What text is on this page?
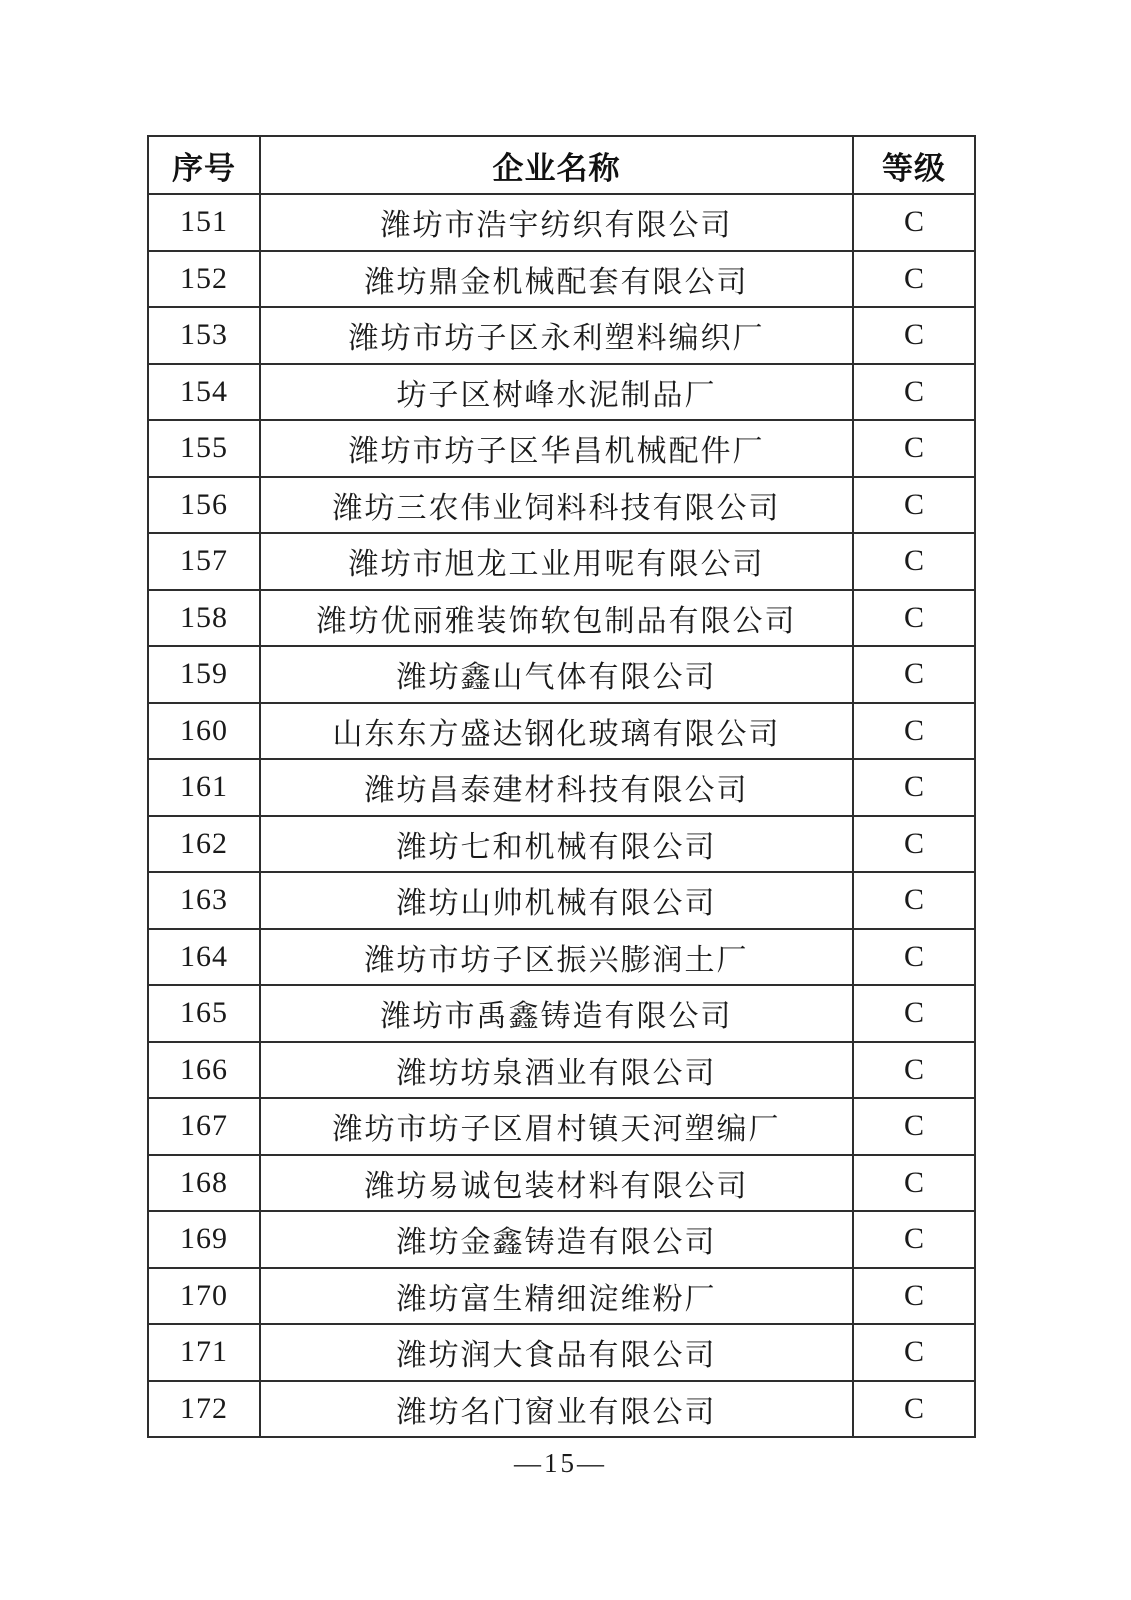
序号	企业名称	等级
151	潍坊市浩宇纺织有限公司	C
152	潍坊鼎金机械配套有限公司	C
153	潍坊市坊子区永利塑料编织厂	C
154	坊子区树峰水泥制品厂	C
155	潍坊市坊子区华昌机械配件厂	C
156	潍坊三农伟业饲料科技有限公司	C
157	潍坊市旭龙工业用呢有限公司	C
158	潍坊优丽雅装饰软包制品有限公司	C
159	潍坊鑫山气体有限公司	C
160	山东东方盛达钢化玻璃有限公司	C
161	潍坊昌泰建材科技有限公司	C
162	潍坊七和机械有限公司	C
163	潍坊山帅机械有限公司	C
164	潍坊市坊子区振兴膨润土厂	C
165	潍坊市禹鑫铸造有限公司	C
166	潍坊坊泉酒业有限公司	C
167	潍坊市坊子区眉村镇天河塑编厂	C
168	潍坊易诚包装材料有限公司	C
169	潍坊金鑫铸造有限公司	C
170	潍坊富生精细淀维粉厂	C
171	潍坊润大食品有限公司	C
172	潍坊名门窗业有限公司	C
—15—
